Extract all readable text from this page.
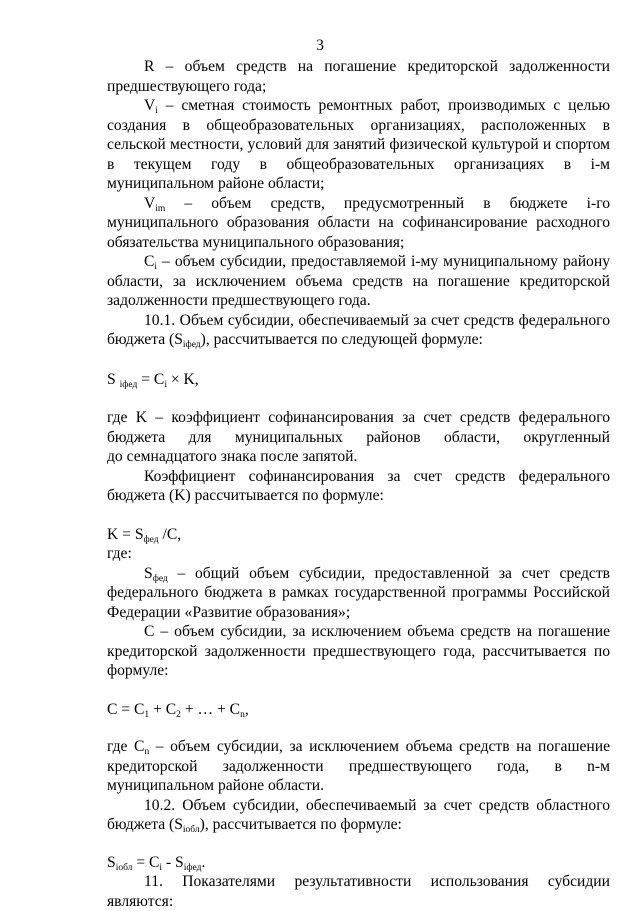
3

R – объем средств на погашение кредиторской задолженности предшествующего года;

$V_i$ – сметная стоимость ремонтных работ, производимых с целью создания в общеобразовательных организациях, расположенных в сельской местности, условий для занятий физической культурой и спортом в текущем году в общеобразовательных организациях в i-м муниципальном районе области;

$V_{im}$ – объем средств, предусмотренный в бюджете i-го муниципального образования области на софинансирование расходного обязательства муниципального образования;

$C_i$ – объем субсидии, предоставляемой i-му муниципальному району области, за исключением объема средств на погашение кредиторской задолженности предшествующего года.

10.1. Объем субсидии, обеспечиваемый за счет средств федерального бюджета $(S_{iфед})$, рассчитывается по следующей формуле:

S $_{iфед} = C_i \times K$,

где K – коэффициент софинансирования за счет средств федерального бюджета для муниципальных районов области, округленный

до семнадцатого знака после запятой.

Коэффициент софинансирования за счет средств федерального бюджета (K) рассчитывается по формуле:

$K = S_{фед}$ /C,

где:

$S_{фед}$ – общий объем субсидии, предоставленной за счет средств федерального бюджета в рамках государственной программы Российской Федерации «Развитие образования»;

C – объем субсидии, за исключением объема средств на погашение кредиторской задолженности предшествующего года, рассчитывается по формуле:

$C = C_1 + C_2$ + … + $C_n$,

где $C_n$ – объем субсидии, за исключением объема средств на погашение кредиторской задолженности предшествующего года, в n-м муниципальном районе области.

10.2. Объем субсидии, обеспечиваемый за счет средств областного бюджета $(S_{iобл})$, рассчитывается по формуле:

$S_{iобл} = C_i - S_{iфед}$.

11. Показателями результативности использования субсидии являются:
